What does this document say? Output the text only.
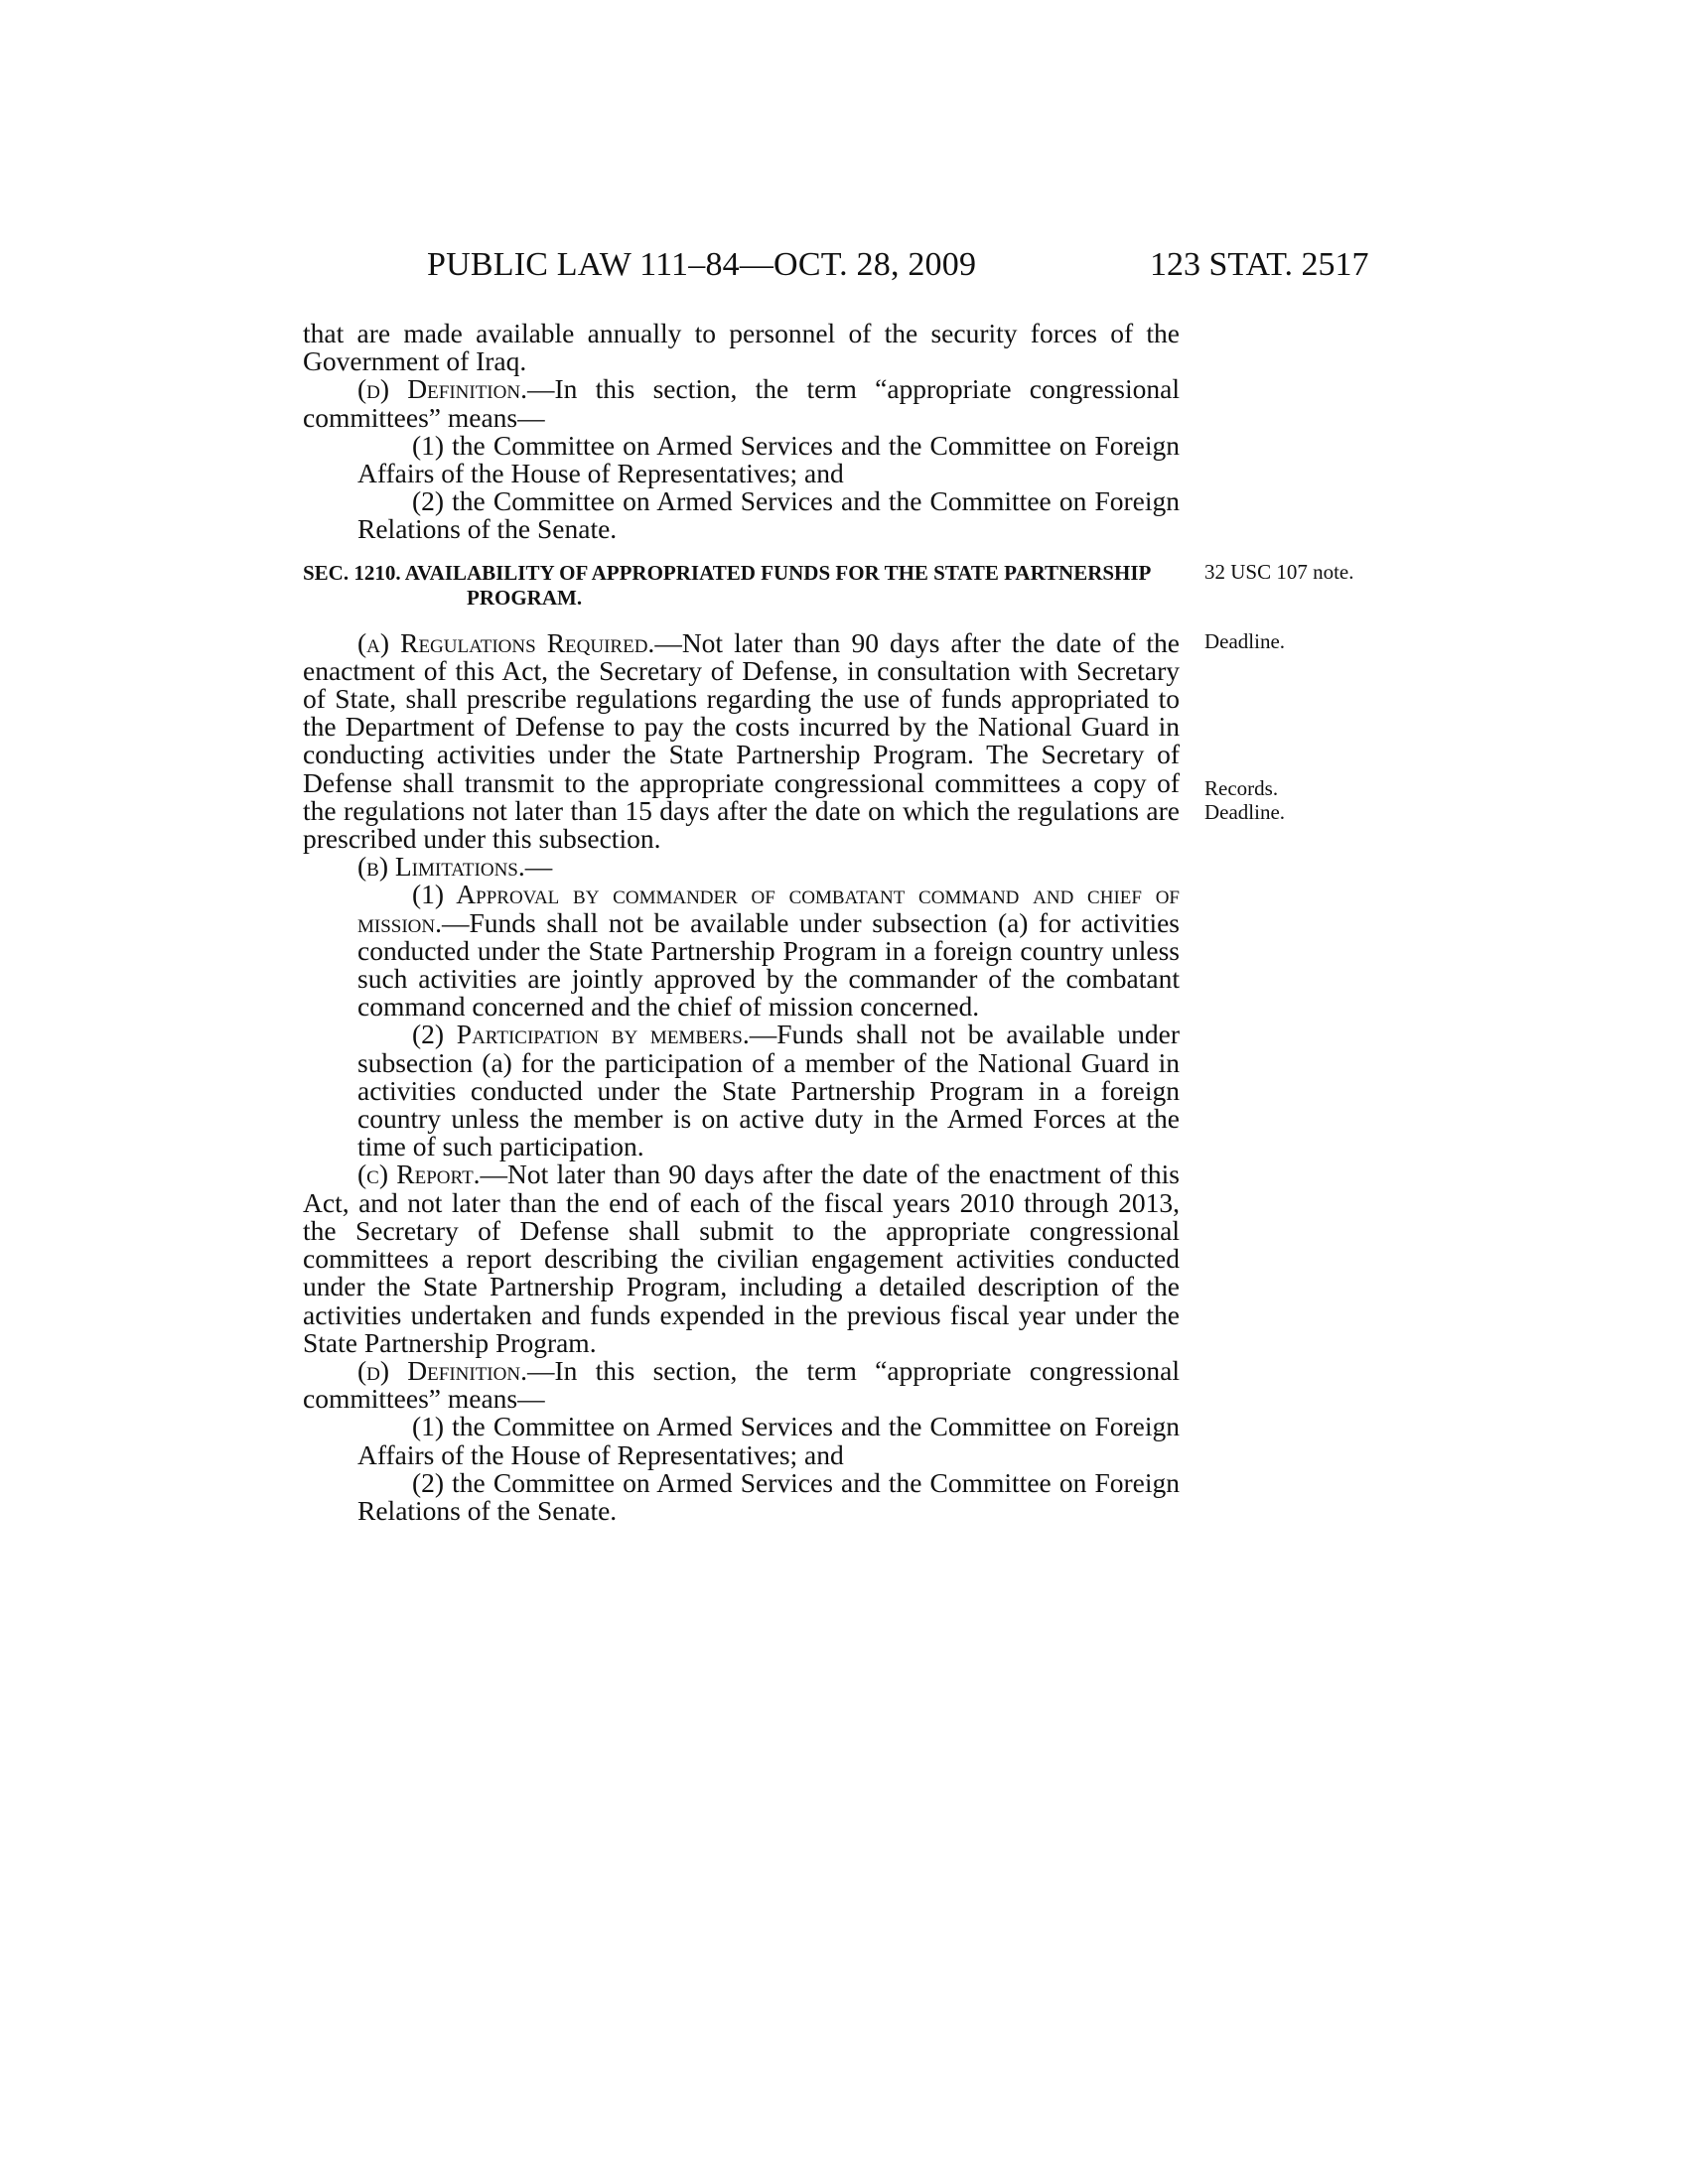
PUBLIC LAW 111–84—OCT. 28, 2009	123 STAT. 2517
32 USC 107 note.
Deadline.
Records.
Deadline.

that are made available annually to personnel of the security forces of the Government of Iraq.

(d) Definition.—In this section, the term “appropriate congressional committees” means—

(1) the Committee on Armed Services and the Committee on Foreign Affairs of the House of Representatives; and

(2) the Committee on Armed Services and the Committee on Foreign Relations of the Senate.

SEC. 1210. AVAILABILITY OF APPROPRIATED FUNDS FOR THE STATE PARTNERSHIP PROGRAM.

(a) Regulations Required.—Not later than 90 days after the date of the enactment of this Act, the Secretary of Defense, in consultation with Secretary of State, shall prescribe regulations regarding the use of funds appropriated to the Department of Defense to pay the costs incurred by the National Guard in conducting activities under the State Partnership Program. The Secretary of Defense shall transmit to the appropriate congressional committees a copy of the regulations not later than 15 days after the date on which the regulations are prescribed under this subsection.

(b) Limitations.—

(1) Approval by commander of combatant command and chief of mission.—Funds shall not be available under subsection (a) for activities conducted under the State Partnership Program in a foreign country unless such activities are jointly approved by the commander of the combatant command concerned and the chief of mission concerned.

(2) Participation by members.—Funds shall not be available under subsection (a) for the participation of a member of the National Guard in activities conducted under the State Partnership Program in a foreign country unless the member is on active duty in the Armed Forces at the time of such participation.

(c) Report.—Not later than 90 days after the date of the enactment of this Act, and not later than the end of each of the fiscal years 2010 through 2013, the Secretary of Defense shall submit to the appropriate congressional committees a report describing the civilian engagement activities conducted under the State Partnership Program, including a detailed description of the activities undertaken and funds expended in the previous fiscal year under the State Partnership Program.

(d) Definition.—In this section, the term “appropriate congressional committees” means—

(1) the Committee on Armed Services and the Committee on Foreign Affairs of the House of Representatives; and

(2) the Committee on Armed Services and the Committee on Foreign Relations of the Senate.
